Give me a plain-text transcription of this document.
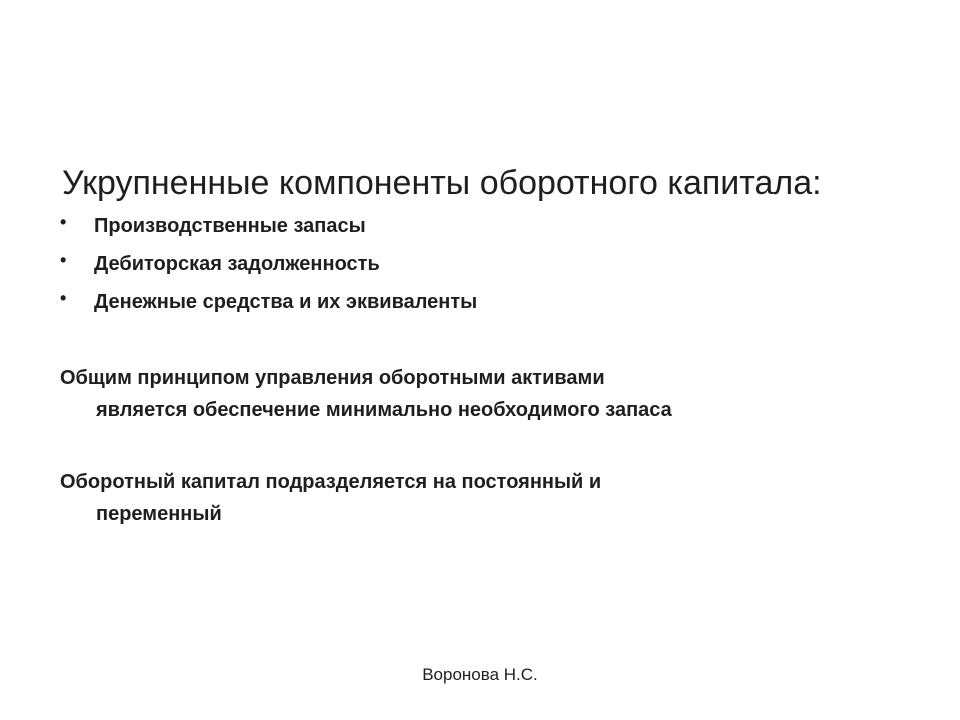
Укрупненные компоненты оборотного капитала:
• Производственные запасы
• Дебиторская задолженность
• Денежные средства и их эквиваленты

Общим принципом управления оборотными активами
является обеспечение минимально необходимого запаса

Оборотный капитал подразделяется на постоянный и
переменный

Воронова Н.С.
